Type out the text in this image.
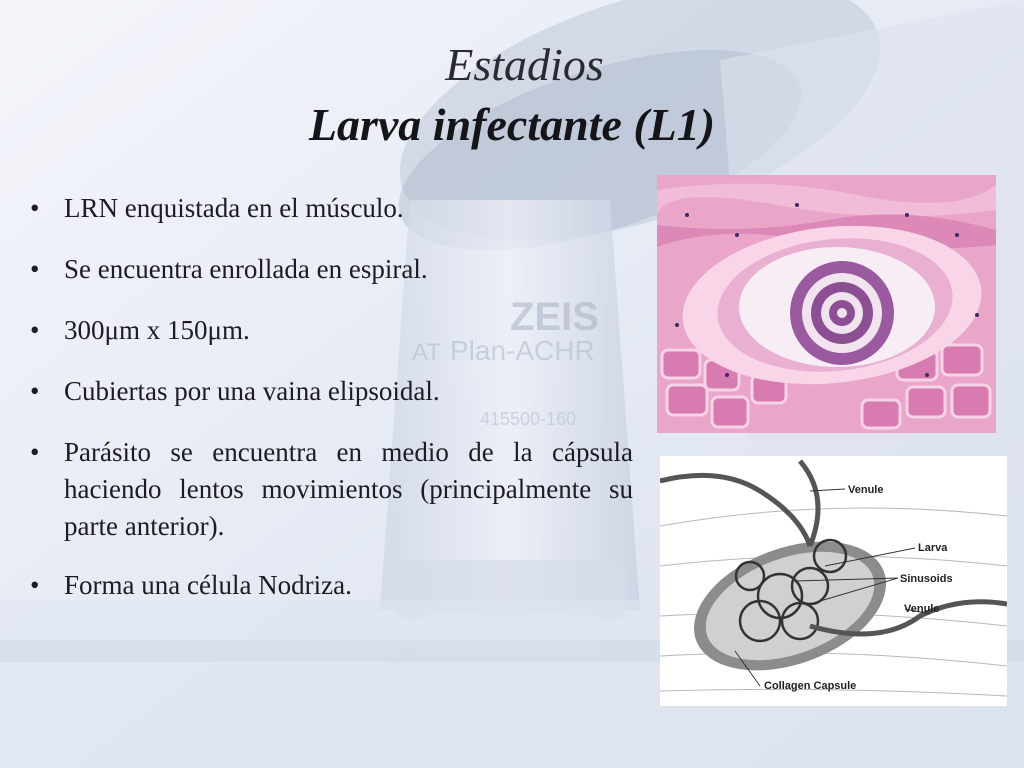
ZEIS
Plan-ACHR
AT
415500-160
Estadios
Larva infectante (L1)
• LRN enquistada en el músculo.
• Se encuentra enrollada en espiral.
• 300μm x 150μm.
• Cubiertas por una vaina elipsoidal.
• Parásito se encuentra en medio de la cápsula haciendo lentos movimientos (principalmente su parte anterior).
• Forma una célula Nodriza.
Venule
Larva
Sinusoids
Venule
Collagen Capsule
